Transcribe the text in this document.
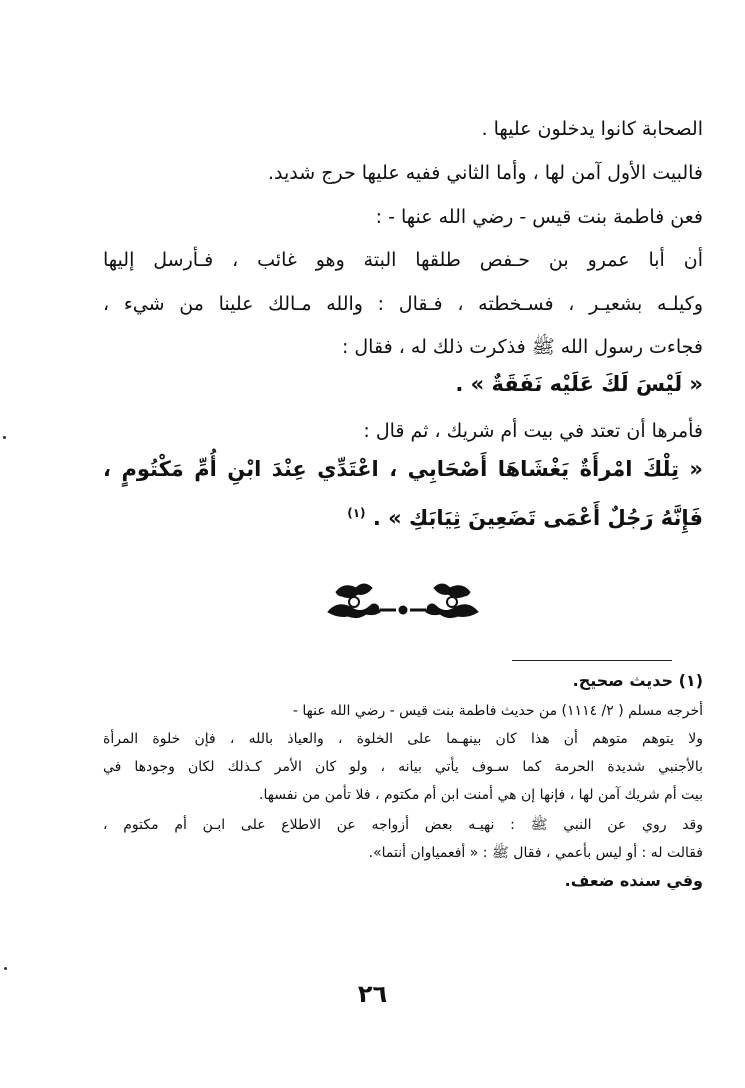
الصحابة كانوا يدخلون عليها .
فالبيت الأول آمن لها ، وأما الثاني ففيه عليها حرج شديد.
فعن فاطمة بنت قيس - رضي الله عنها - :
أن أبا عمرو بن حـفص طلقها البتة وهو غائب ، فـأرسل إليها
وكيلـه بشعيـر ، فسـخطته ، فـقال : والله مـالك علينا من شيء ،
فجاءت رسول الله ﷺ فذكرت ذلك له ، فقال :
« لَيْسَ لَكَ عَلَيْه نَفَقَةٌ » .
فأمرها أن تعتد في بيت أم شريك ، ثم قال :
« تِلْكَ امْرأَةٌ يَغْشَاهَا أَصْحَابِي ، اعْتَدِّي عِنْدَ ابْنِ أُمِّ مَكْتُومٍ ،
فَإِنَّهُ رَجُلٌ أَعْمَى تَضَعِينَ ثِيَابَكِ » . $^{(١)}$
(١) حديث صحيح.
أخرجه مسلم ( ٢/ ١١١٤) من حديث فاطمة بنت قيس - رضي الله عنها -
ولا يتوهم متوهم أن هذا كان بينهـما على الخلوة ، والعياذ بالله ، فإن خلوة المرأة
بالأجنبي شديدة الحرمة كما سـوف يأتي بيانه ، ولو كان الأمر كـذلك لكان وجودها في
بيت أم شريك آمن لها ، فإنها إن هي أمنت ابن أم مكتوم ، فلا تأمن من نفسها.
وقد روي عن النبي ﷺ : نهيـه بعض أزواجه عن الاطلاع على ابـن أم مكتوم ،
فقالت له : أو ليس بأعمي ، فقال ﷺ : « أفعمياوان أنتما».
وفي سنده ضعف.
٢٦
